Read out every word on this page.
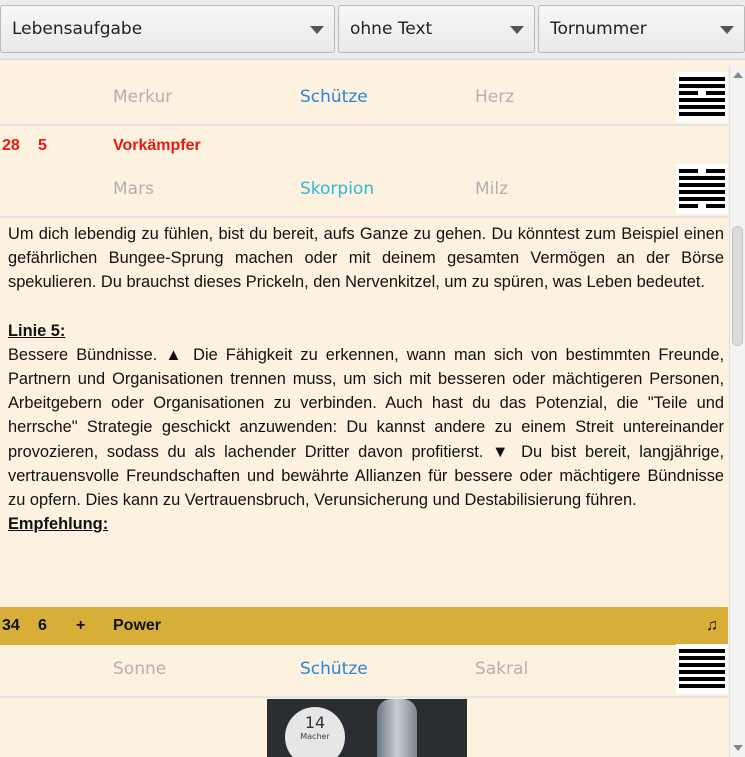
Lebensaufgabe	ohne Text	Tornummer
Merkur	Schütze	Herz
28 5	Vorkämpfer
Mars	Skorpion	Milz

Um dich lebendig zu fühlen, bist du bereit, aufs Ganze zu gehen. Du könntest zum Beispiel einen gefährlichen Bungee-Sprung machen oder mit deinem gesamten Vermögen an der Börse spekulieren. Du brauchst dieses Prickeln, den Nervenkitzel, um zu spüren, was Leben bedeutet.

Linie 5:

Bessere Bündnisse. ▲ Die Fähigkeit zu erkennen, wann man sich von bestimmten Freunde, Partnern und Organisationen trennen muss, um sich mit besseren oder mächtigeren Personen, Arbeitgebern oder Organisationen zu verbinden. Auch hast du das Potenzial, die "Teile und herrsche" Strategie geschickt anzuwenden: Du kannst andere zu einem Streit untereinander provozieren, sodass du als lachender Dritter davon profitierst. ▼ Du bist bereit, langjährige, vertrauensvolle Freundschaften und bewährte Allianzen für bessere oder mächtigere Bündnisse zu opfern. Dies kann zu Vertrauensbruch, Verunsicherung und Destabilisierung führen.

Empfehlung:

34 6 + Power	♫
Sonne	Schütze	Sakral
14
Macher
